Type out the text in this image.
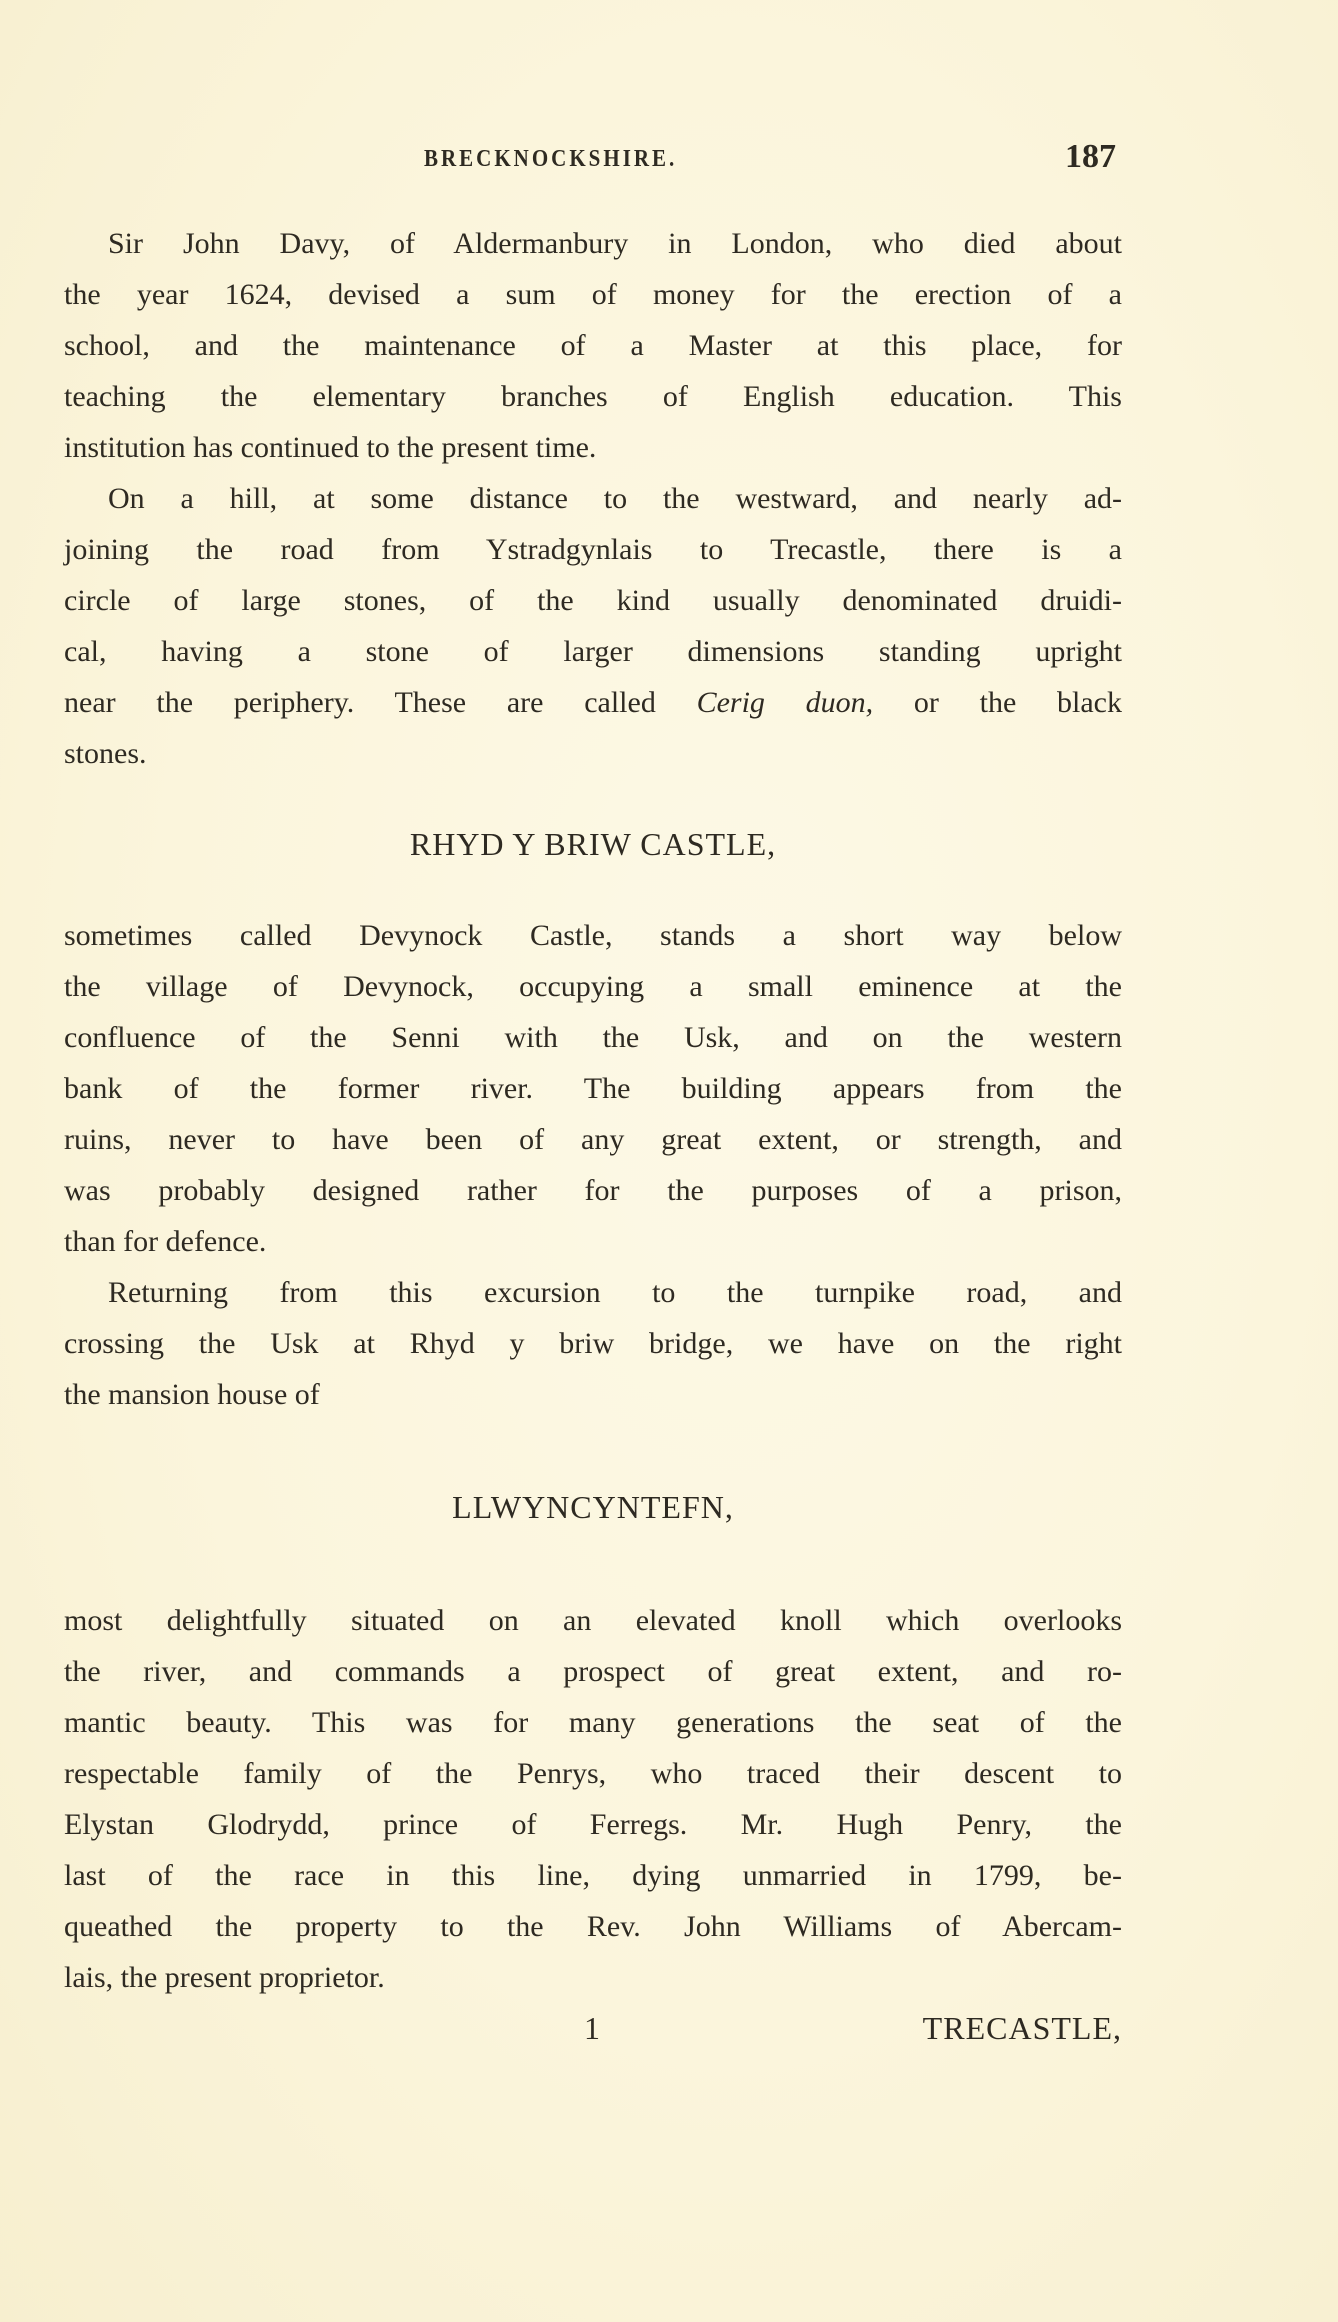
BRECKNOCKSHIRE.	187
Sir John Davy, of Aldermanbury in London, who died about
the year 1624, devised a sum of money for the erection of a
school, and the maintenance of a Master at this place, for
teaching the elementary branches of English education. This
institution has continued to the present time.
On a hill, at some distance to the westward, and nearly ad-
joining the road from Ystradgynlais to Trecastle, there is a
circle of large stones, of the kind usually denominated druidi-
cal, having a stone of larger dimensions standing upright
near the periphery. These are called Cerig duon, or the black
stones.
RHYD Y BRIW CASTLE,
sometimes called Devynock Castle, stands a short way below
the village of Devynock, occupying a small eminence at the
confluence of the Senni with the Usk, and on the western
bank of the former river. The building appears from the
ruins, never to have been of any great extent, or strength, and
was probably designed rather for the purposes of a prison,
than for defence.
Returning from this excursion to the turnpike road, and
crossing the Usk at Rhyd y briw bridge, we have on the right
the mansion house of
LLWYNCYNTEFN,
most delightfully situated on an elevated knoll which overlooks
the river, and commands a prospect of great extent, and ro-
mantic beauty. This was for many generations the seat of the
respectable family of the Penrys, who traced their descent to
Elystan Glodrydd, prince of Ferregs. Mr. Hugh Penry, the
last of the race in this line, dying unmarried in 1799, be-
queathed the property to the Rev. John Williams of Abercam-
lais, the present proprietor.
1	TRECASTLE,
